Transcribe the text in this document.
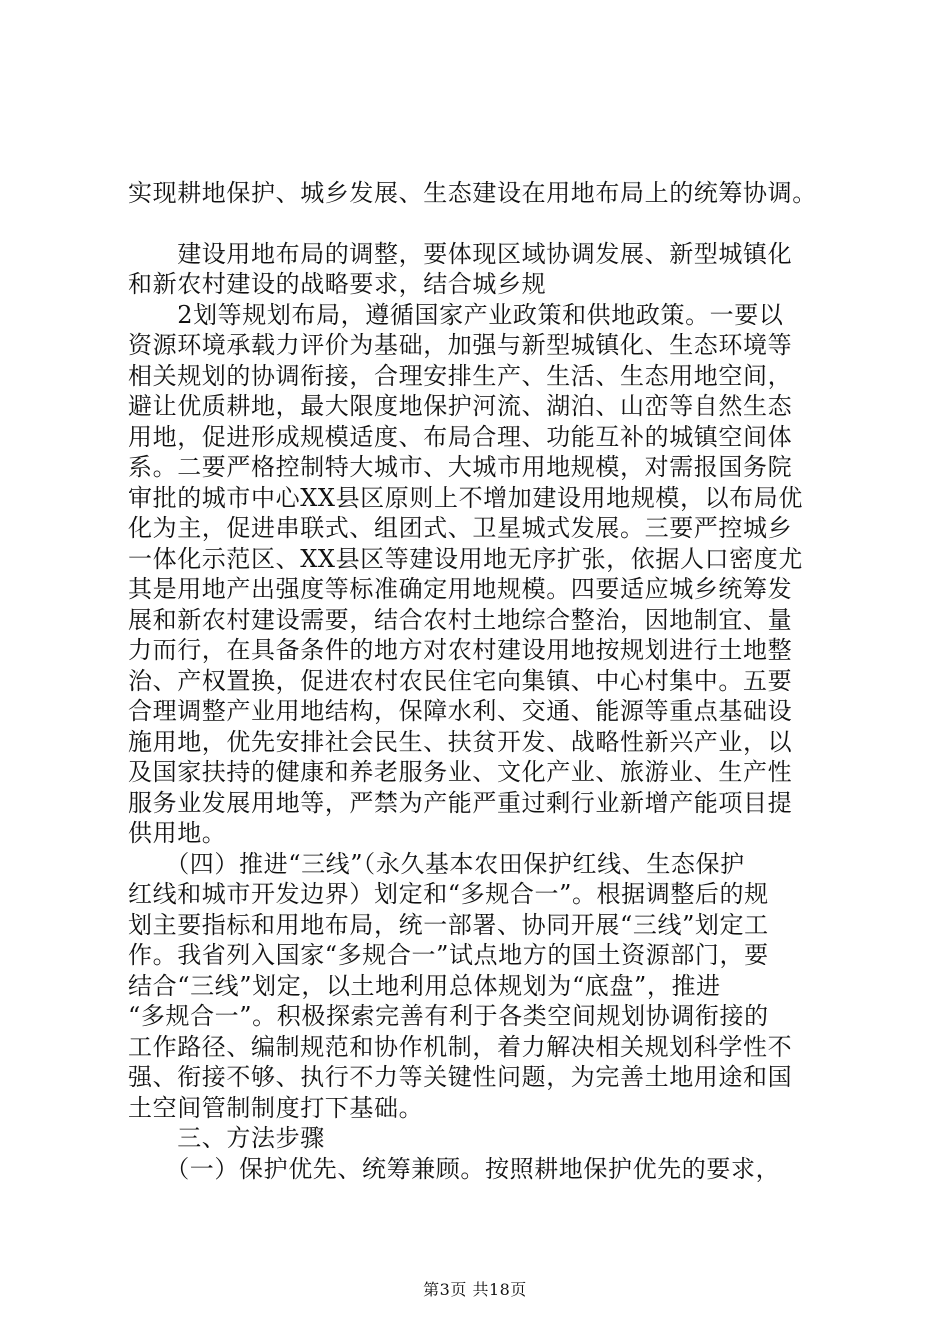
实现耕地保护、城乡发展、生态建设在用地布局上的统筹协调。
　　建设用地布局的调整，要体现区域协调发展、新型城镇化
和新农村建设的战略要求，结合城乡规
　　2划等规划布局，遵循国家产业政策和供地政策。一要以
资源环境承载力评价为基础，加强与新型城镇化、生态环境等
相关规划的协调衔接，合理安排生产、生活、生态用地空间，
避让优质耕地，最大限度地保护河流、湖泊、山峦等自然生态
用地，促进形成规模适度、布局合理、功能互补的城镇空间体
系。二要严格控制特大城市、大城市用地规模，对需报国务院
审批的城市中心XX县区原则上不增加建设用地规模，以布局优
化为主，促进串联式、组团式、卫星城式发展。三要严控城乡
一体化示范区、XX县区等建设用地无序扩张，依据人口密度尤
其是用地产出强度等标准确定用地规模。四要适应城乡统筹发
展和新农村建设需要，结合农村土地综合整治，因地制宜、量
力而行，在具备条件的地方对农村建设用地按规划进行土地整
治、产权置换，促进农村农民住宅向集镇、中心村集中。五要
合理调整产业用地结构，保障水利、交通、能源等重点基础设
施用地，优先安排社会民生、扶贫开发、战略性新兴产业，以
及国家扶持的健康和养老服务业、文化产业、旅游业、生产性
服务业发展用地等，严禁为产能严重过剩行业新增产能项目提
供用地。
　　（四）推进“三线”（永久基本农田保护红线、生态保护
红线和城市开发边界）划定和“多规合一”。根据调整后的规
划主要指标和用地布局，统一部署、协同开展“三线”划定工
作。我省列入国家“多规合一”试点地方的国土资源部门，要
结合“三线”划定，以土地利用总体规划为“底盘”，推进
“多规合一”。积极探索完善有利于各类空间规划协调衔接的
工作路径、编制规范和协作机制，着力解决相关规划科学性不
强、衔接不够、执行不力等关键性问题，为完善土地用途和国
土空间管制制度打下基础。
　　三、方法步骤
　　（一）保护优先、统筹兼顾。按照耕地保护优先的要求，
第3页 共18页
